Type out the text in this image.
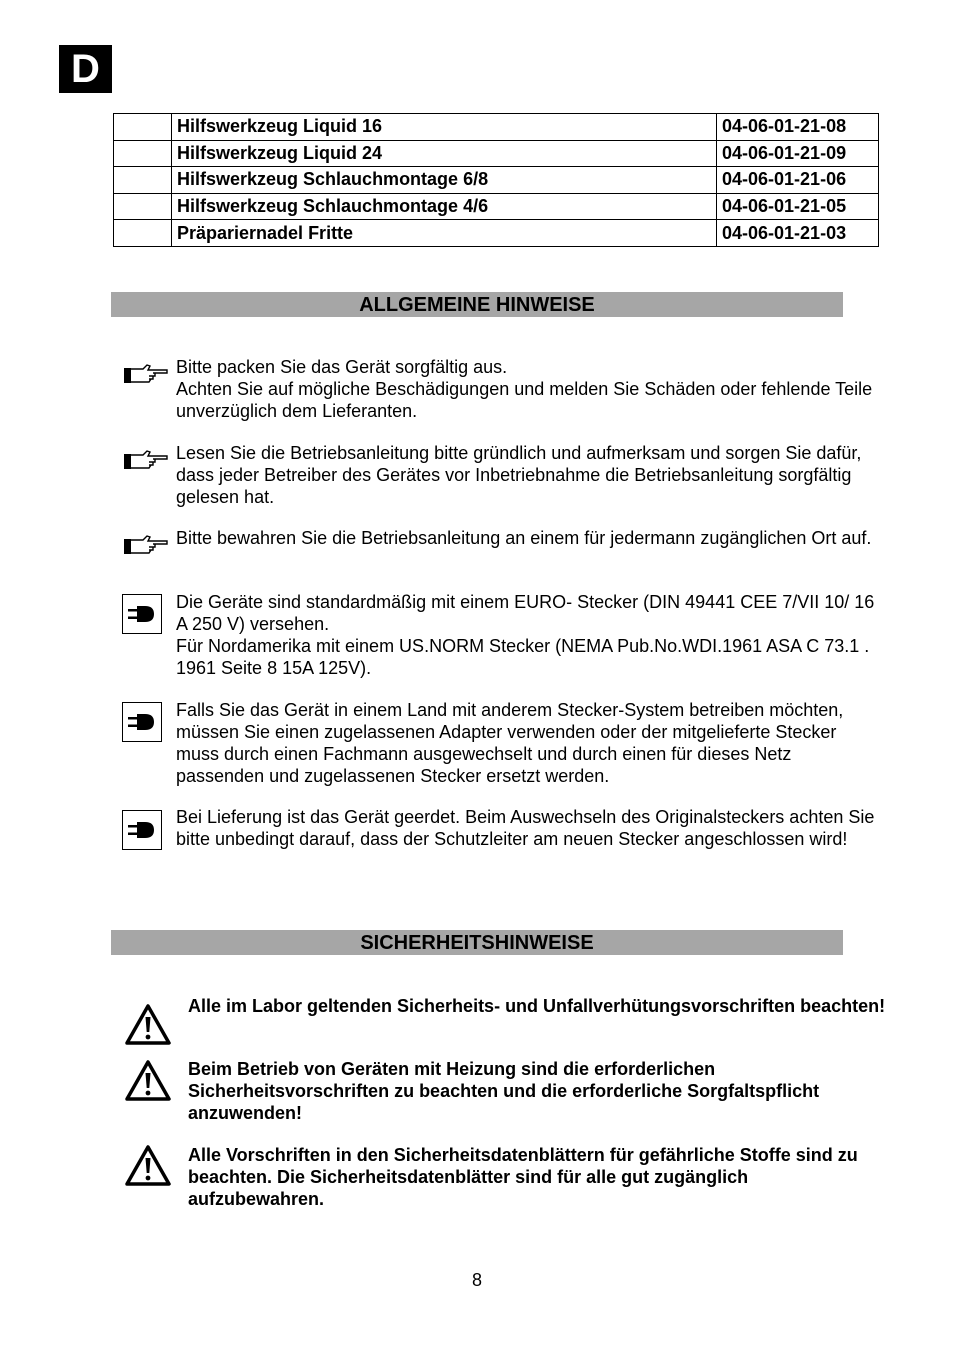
D
	Hilfswerkzeug Liquid 16	04-06-01-21-08
	Hilfswerkzeug Liquid 24	04-06-01-21-09
	Hilfswerkzeug Schlauchmontage 6/8	04-06-01-21-06
	Hilfswerkzeug Schlauchmontage 4/6	04-06-01-21-05
	Präpariernadel Fritte	04-06-01-21-03
ALLGEMEINE HINWEISE

Bitte packen Sie das Gerät sorgfältig aus.

Achten Sie auf mögliche Beschädigungen und melden Sie Schäden oder fehlende Teile unverzüglich dem Lieferanten.

Lesen Sie die Betriebsanleitung bitte gründlich und aufmerksam und sorgen Sie dafür, dass jeder Betreiber des Gerätes vor Inbetriebnahme die Betriebsanleitung sorgfältig gelesen hat.

Bitte bewahren Sie die Betriebsanleitung an einem für jedermann zugänglichen Ort auf.

Die Geräte sind standardmäßig mit einem EURO- Stecker (DIN 49441 CEE 7/VII 10/ 16 A 250 V) versehen.

Für Nordamerika mit einem US.NORM Stecker (NEMA Pub.No.WDI.1961 ASA C 73.1 . 1961 Seite 8 15A 125V).

Falls Sie das Gerät in einem Land mit anderem Stecker-System betreiben möchten, müssen Sie einen zugelassenen Adapter verwenden oder der mitgelieferte Stecker muss durch einen Fachmann ausgewechselt und durch einen für dieses Netz passenden und zugelassenen Stecker ersetzt werden.

Bei Lieferung ist das Gerät geerdet. Beim Auswechseln des Originalsteckers achten Sie bitte unbedingt darauf, dass der Schutzleiter am neuen Stecker angeschlossen wird!

SICHERHEITSHINWEISE
Alle im Labor geltenden Sicherheits- und Unfallverhütungsvorschriften beachten!
Beim Betrieb von Geräten mit Heizung sind die erforderlichen Sicherheitsvorschriften zu beachten und die erforderliche Sorgfaltspflicht anzuwenden!
Alle Vorschriften in den Sicherheitsdatenblättern für gefährliche Stoffe sind zu beachten. Die Sicherheitsdatenblätter sind für alle gut zugänglich aufzubewahren.
8
